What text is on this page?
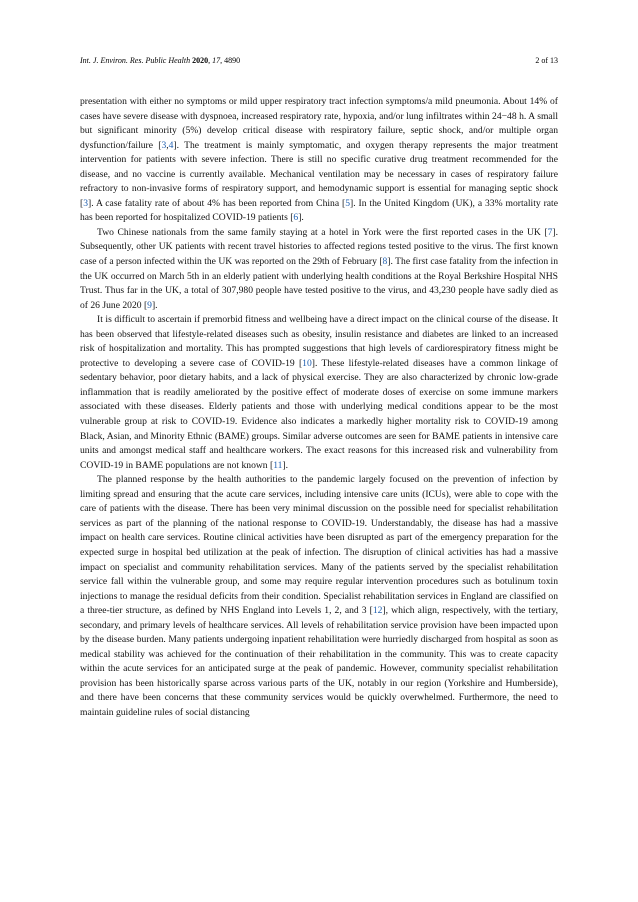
Int. J. Environ. Res. Public Health 2020, 17, 4890	2 of 13

presentation with either no symptoms or mild upper respiratory tract infection symptoms/a mild pneumonia. About 14% of cases have severe disease with dyspnoea, increased respiratory rate, hypoxia, and/or lung infiltrates within 24−48 h. A small but significant minority (5%) develop critical disease with respiratory failure, septic shock, and/or multiple organ dysfunction/failure [3,4]. The treatment is mainly symptomatic, and oxygen therapy represents the major treatment intervention for patients with severe infection. There is still no specific curative drug treatment recommended for the disease, and no vaccine is currently available. Mechanical ventilation may be necessary in cases of respiratory failure refractory to non-invasive forms of respiratory support, and hemodynamic support is essential for managing septic shock [3]. A case fatality rate of about 4% has been reported from China [5]. In the United Kingdom (UK), a 33% mortality rate has been reported for hospitalized COVID-19 patients [6].

Two Chinese nationals from the same family staying at a hotel in York were the first reported cases in the UK [7]. Subsequently, other UK patients with recent travel histories to affected regions tested positive to the virus. The first known case of a person infected within the UK was reported on the 29th of February [8]. The first case fatality from the infection in the UK occurred on March 5th in an elderly patient with underlying health conditions at the Royal Berkshire Hospital NHS Trust. Thus far in the UK, a total of 307,980 people have tested positive to the virus, and 43,230 people have sadly died as of 26 June 2020 [9].

It is difficult to ascertain if premorbid fitness and wellbeing have a direct impact on the clinical course of the disease. It has been observed that lifestyle-related diseases such as obesity, insulin resistance and diabetes are linked to an increased risk of hospitalization and mortality. This has prompted suggestions that high levels of cardiorespiratory fitness might be protective to developing a severe case of COVID-19 [10]. These lifestyle-related diseases have a common linkage of sedentary behavior, poor dietary habits, and a lack of physical exercise. They are also characterized by chronic low-grade inflammation that is readily ameliorated by the positive effect of moderate doses of exercise on some immune markers associated with these diseases. Elderly patients and those with underlying medical conditions appear to be the most vulnerable group at risk to COVID-19. Evidence also indicates a markedly higher mortality risk to COVID-19 among Black, Asian, and Minority Ethnic (BAME) groups. Similar adverse outcomes are seen for BAME patients in intensive care units and amongst medical staff and healthcare workers. The exact reasons for this increased risk and vulnerability from COVID-19 in BAME populations are not known [11].

The planned response by the health authorities to the pandemic largely focused on the prevention of infection by limiting spread and ensuring that the acute care services, including intensive care units (ICUs), were able to cope with the care of patients with the disease. There has been very minimal discussion on the possible need for specialist rehabilitation services as part of the planning of the national response to COVID-19. Understandably, the disease has had a massive impact on health care services. Routine clinical activities have been disrupted as part of the emergency preparation for the expected surge in hospital bed utilization at the peak of infection. The disruption of clinical activities has had a massive impact on specialist and community rehabilitation services. Many of the patients served by the specialist rehabilitation service fall within the vulnerable group, and some may require regular intervention procedures such as botulinum toxin injections to manage the residual deficits from their condition. Specialist rehabilitation services in England are classified on a three-tier structure, as defined by NHS England into Levels 1, 2, and 3 [12], which align, respectively, with the tertiary, secondary, and primary levels of healthcare services. All levels of rehabilitation service provision have been impacted upon by the disease burden. Many patients undergoing inpatient rehabilitation were hurriedly discharged from hospital as soon as medical stability was achieved for the continuation of their rehabilitation in the community. This was to create capacity within the acute services for an anticipated surge at the peak of pandemic. However, community specialist rehabilitation provision has been historically sparse across various parts of the UK, notably in our region (Yorkshire and Humberside), and there have been concerns that these community services would be quickly overwhelmed. Furthermore, the need to maintain guideline rules of social distancing
